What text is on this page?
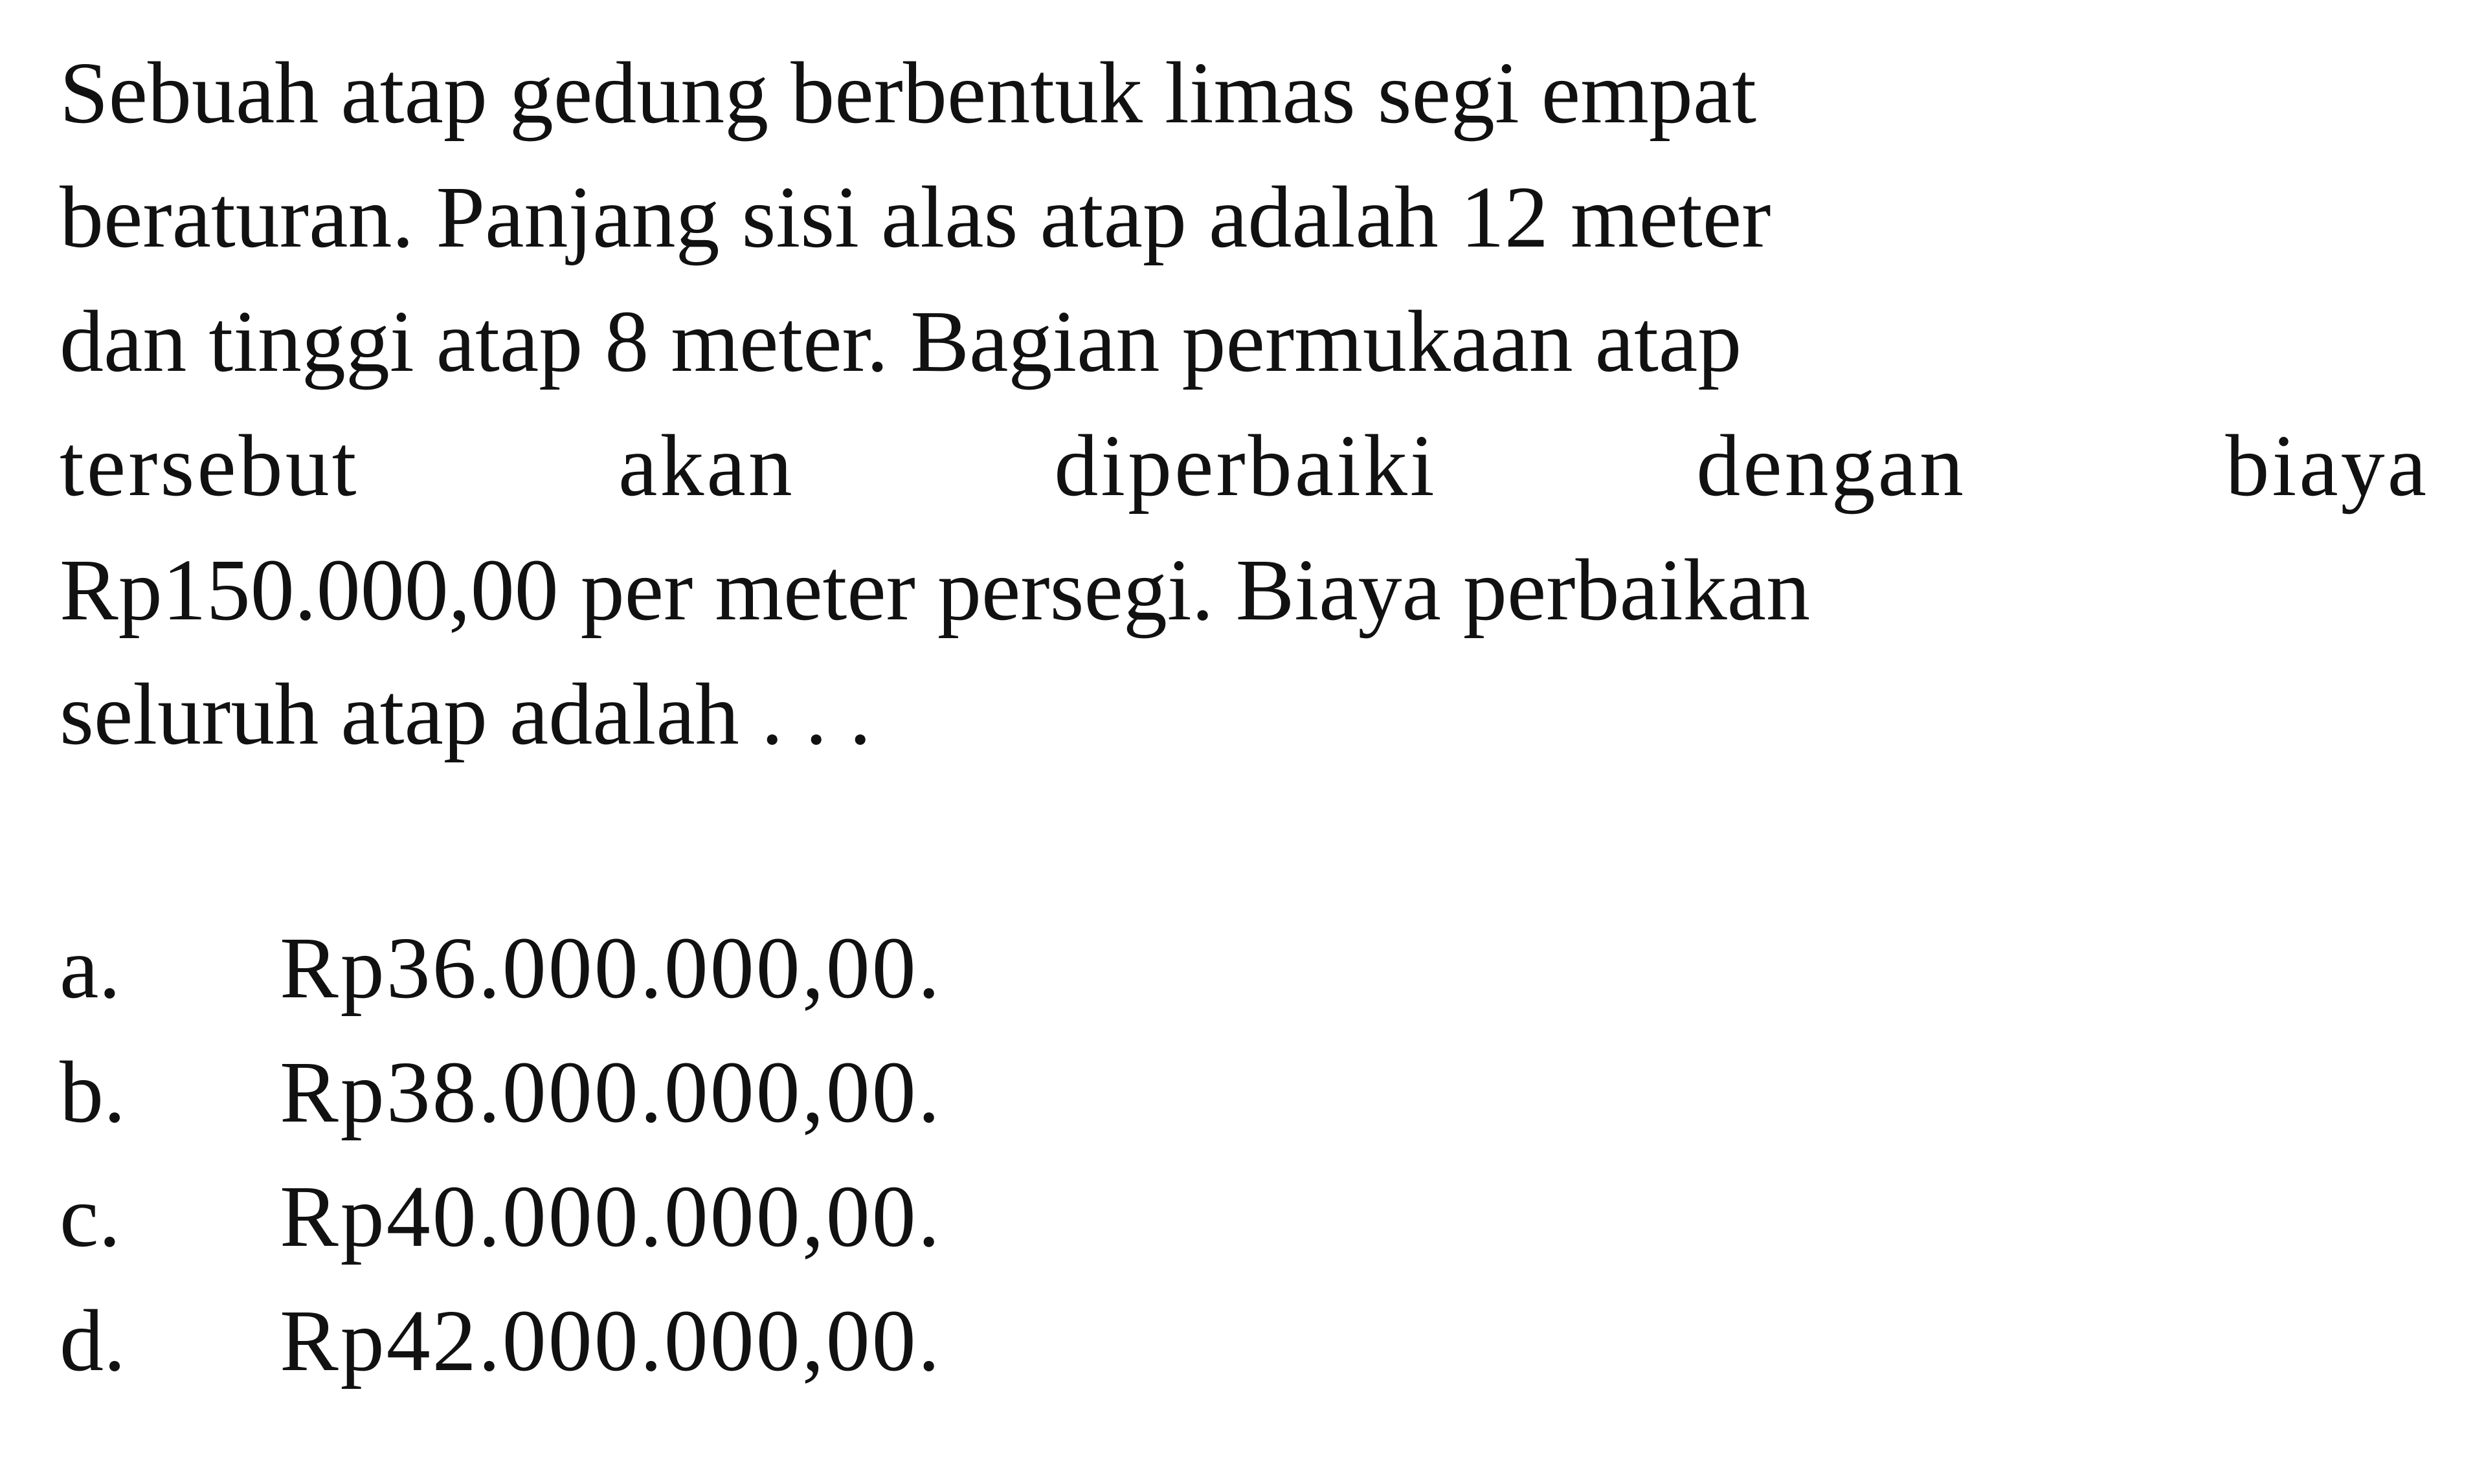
Sebuah atap gedung berbentuk limas segi empat
beraturan. Panjang sisi alas atap adalah 12 meter
dan tinggi atap 8 meter. Bagian permukaan atap
tersebut	akan	diperbaiki	dengan	biaya
Rp150.000,00 per meter persegi. Biaya perbaikan
seluruh atap adalah . . .
a.	Rp36.000.000,00.
b.	Rp38.000.000,00.
c.	Rp40.000.000,00.
d.	Rp42.000.000,00.
